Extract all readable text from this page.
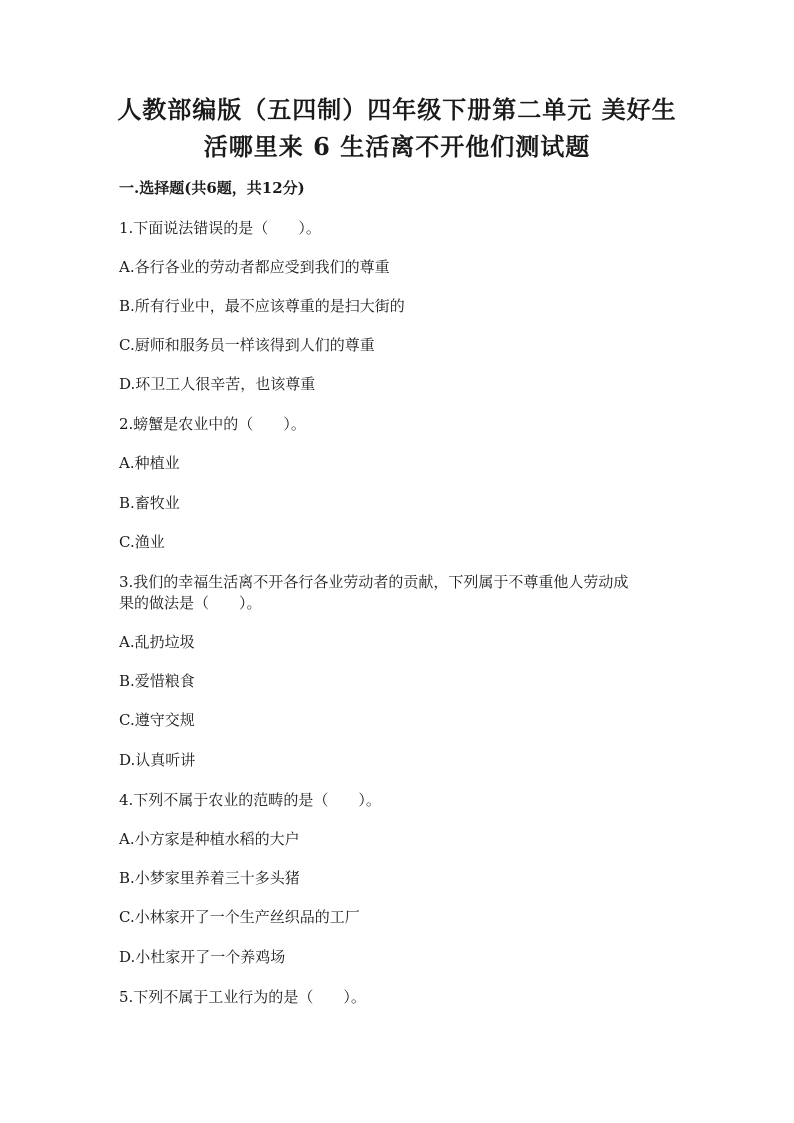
人教部编版（五四制）四年级下册第二单元 美好生
活哪里来 6 生活离不开他们测试题
一.选择题(共6题，共12分)
1.下面说法错误的是（　　）。
A.各行各业的劳动者都应受到我们的尊重
B.所有行业中，最不应该尊重的是扫大街的
C.厨师和服务员一样该得到人们的尊重
D.环卫工人很辛苦，也该尊重
2.螃蟹是农业中的（　　）。
A.种植业
B.畜牧业
C.渔业
3.我们的幸福生活离不开各行各业劳动者的贡献，下列属于不尊重他人劳动成
果的做法是（　　）。
A.乱扔垃圾
B.爱惜粮食
C.遵守交规
D.认真听讲
4.下列不属于农业的范畴的是（　　）。
A.小方家是种植水稻的大户
B.小梦家里养着三十多头猪
C.小林家开了一个生产丝织品的工厂
D.小杜家开了一个养鸡场
5.下列不属于工业行为的是（　　）。
